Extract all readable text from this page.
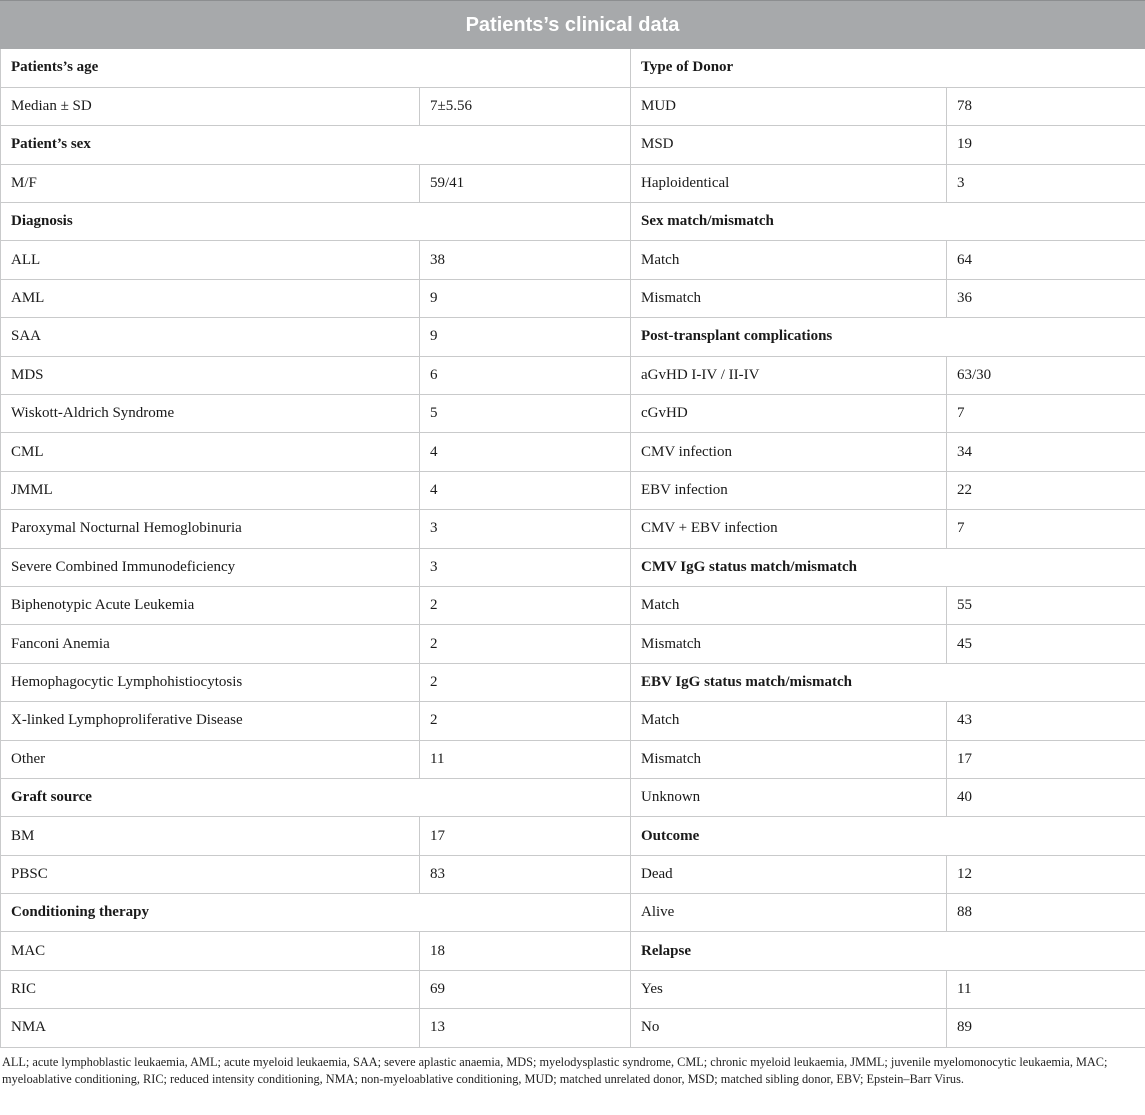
Patients’s clinical data
Patients’s age		Type of Donor	
Median ± SD	7±5.56	MUD	78
Patient’s sex		MSD	19
M/F	59/41	Haploidentical	3
Diagnosis		Sex match/mismatch	
ALL	38	Match	64
AML	9	Mismatch	36
SAA	9	Post-transplant complications	
MDS	6	aGvHD I-IV / II-IV	63/30
Wiskott-Aldrich Syndrome	5	cGvHD	7
CML	4	CMV infection	34
JMML	4	EBV infection	22
Paroxymal Nocturnal Hemoglobinuria	3	CMV + EBV infection	7
Severe Combined Immunodeficiency	3	CMV IgG status match/mismatch	
Biphenotypic Acute Leukemia	2	Match	55
Fanconi Anemia	2	Mismatch	45
Hemophagocytic Lymphohistiocytosis	2	EBV IgG status match/mismatch	
X-linked Lymphoproliferative Disease	2	Match	43
Other	11	Mismatch	17
Graft source		Unknown	40
BM	17	Outcome	
PBSC	83	Dead	12
Conditioning therapy		Alive	88
MAC	18	Relapse	
RIC	69	Yes	11
NMA	13	No	89
ALL; acute lymphoblastic leukaemia, AML; acute myeloid leukaemia, SAA; severe aplastic anaemia, MDS; myelodysplastic syndrome, CML; chronic myeloid leukaemia, JMML; juvenile myelomonocytic leukaemia, MAC; myeloablative conditioning, RIC; reduced intensity conditioning, NMA; non-myeloablative conditioning, MUD; matched unrelated donor, MSD; matched sibling donor, EBV; Epstein–Barr Virus.
